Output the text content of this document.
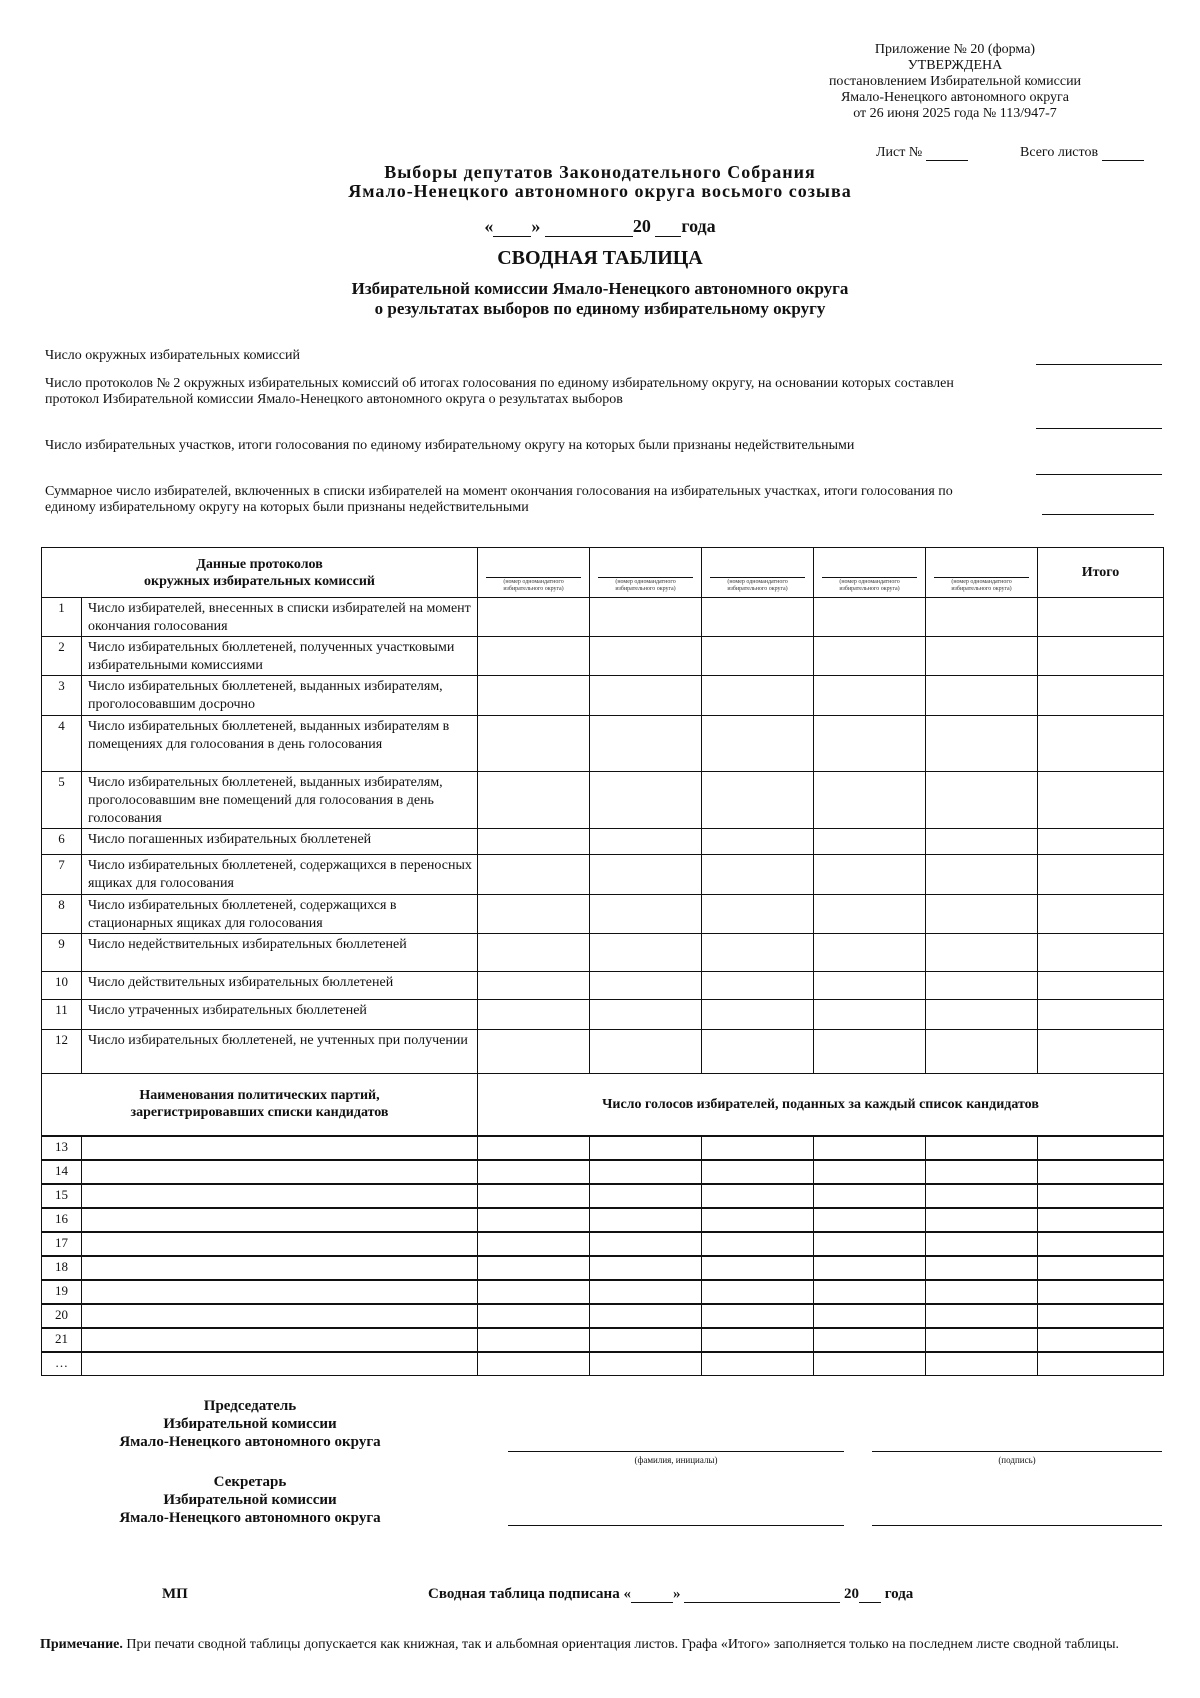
Приложение № 20 (форма)
УТВЕРЖДЕНА
постановлением Избирательной комиссии
Ямало-Ненецкого автономного округа
от 26 июня 2025 года № 113/947-7
Лист №	Всего листов
Выборы депутатов Законодательного Собрания
Ямало-Ненецкого автономного округа восьмого созыва
« »	20 года
СВОДНАЯ ТАБЛИЦА
Избирательной комиссии Ямало-Ненецкого автономного округа
о результатах выборов по единому избирательному округу
Число окружных избирательных комиссий
Число протоколов № 2 окружных избирательных комиссий об итогах голосования по единому избирательному округу, на основании которых составлен протокол Избирательной комиссии Ямало-Ненецкого автономного округа о результатах выборов
Число избирательных участков, итоги голосования по единому избирательному округу на которых были признаны недействительными
Суммарное число избирателей, включенных в списки избирателей на момент окончания голосования на избирательных участках, итоги голосования по единому избирательному округу на которых были признаны недействительными
Данные протоколов
окружных избирательных комиссий		(номер одномандатного избирательного округа)	(номер одномандатного избирательного округа)	(номер одномандатного избирательного округа)	(номер одномандатного избирательного округа)	(номер одномандатного избирательного округа)	Итого
1	Число избирателей, внесенных в списки избирателей на момент окончания голосования						
2	Число избирательных бюллетеней, полученных участковыми избирательными комиссиями						
3	Число избирательных бюллетеней, выданных избирателям, проголосовавшим досрочно						
4	Число избирательных бюллетеней, выданных избирателям в помещениях для голосования в день голосования						
5	Число избирательных бюллетеней, выданных избирателям, проголосовавшим вне помещений для голосования в день голосования						
6	Число погашенных избирательных бюллетеней						
7	Число избирательных бюллетеней, содержащихся в переносных ящиках для голосования						
8	Число избирательных бюллетеней, содержащихся в стационарных ящиках для голосования						
9	Число недействительных избирательных бюллетеней						
10	Число действительных избирательных бюллетеней						
11	Число утраченных избирательных бюллетеней						
12	Число избирательных бюллетеней, не учтенных при получении						

Наименования политических партий,
зарегистрировавших списки кандидатов		Число голосов избирателей, поданных за каждый список кандидатов					
13							
14							
15							
16							
17							
18							
19							
20							
21							
…							
Председатель
Избирательной комиссии
Ямало-Ненецкого автономного округа
(фамилия, инициалы)	(подпись)
Секретарь
Избирательной комиссии
Ямало-Ненецкого автономного округа
МП	Сводная таблица подписана «	»	20 года
Примечание. При печати сводной таблицы допускается как книжная, так и альбомная ориентация листов. Графа «Итого» заполняется только на последнем листе сводной таблицы.
